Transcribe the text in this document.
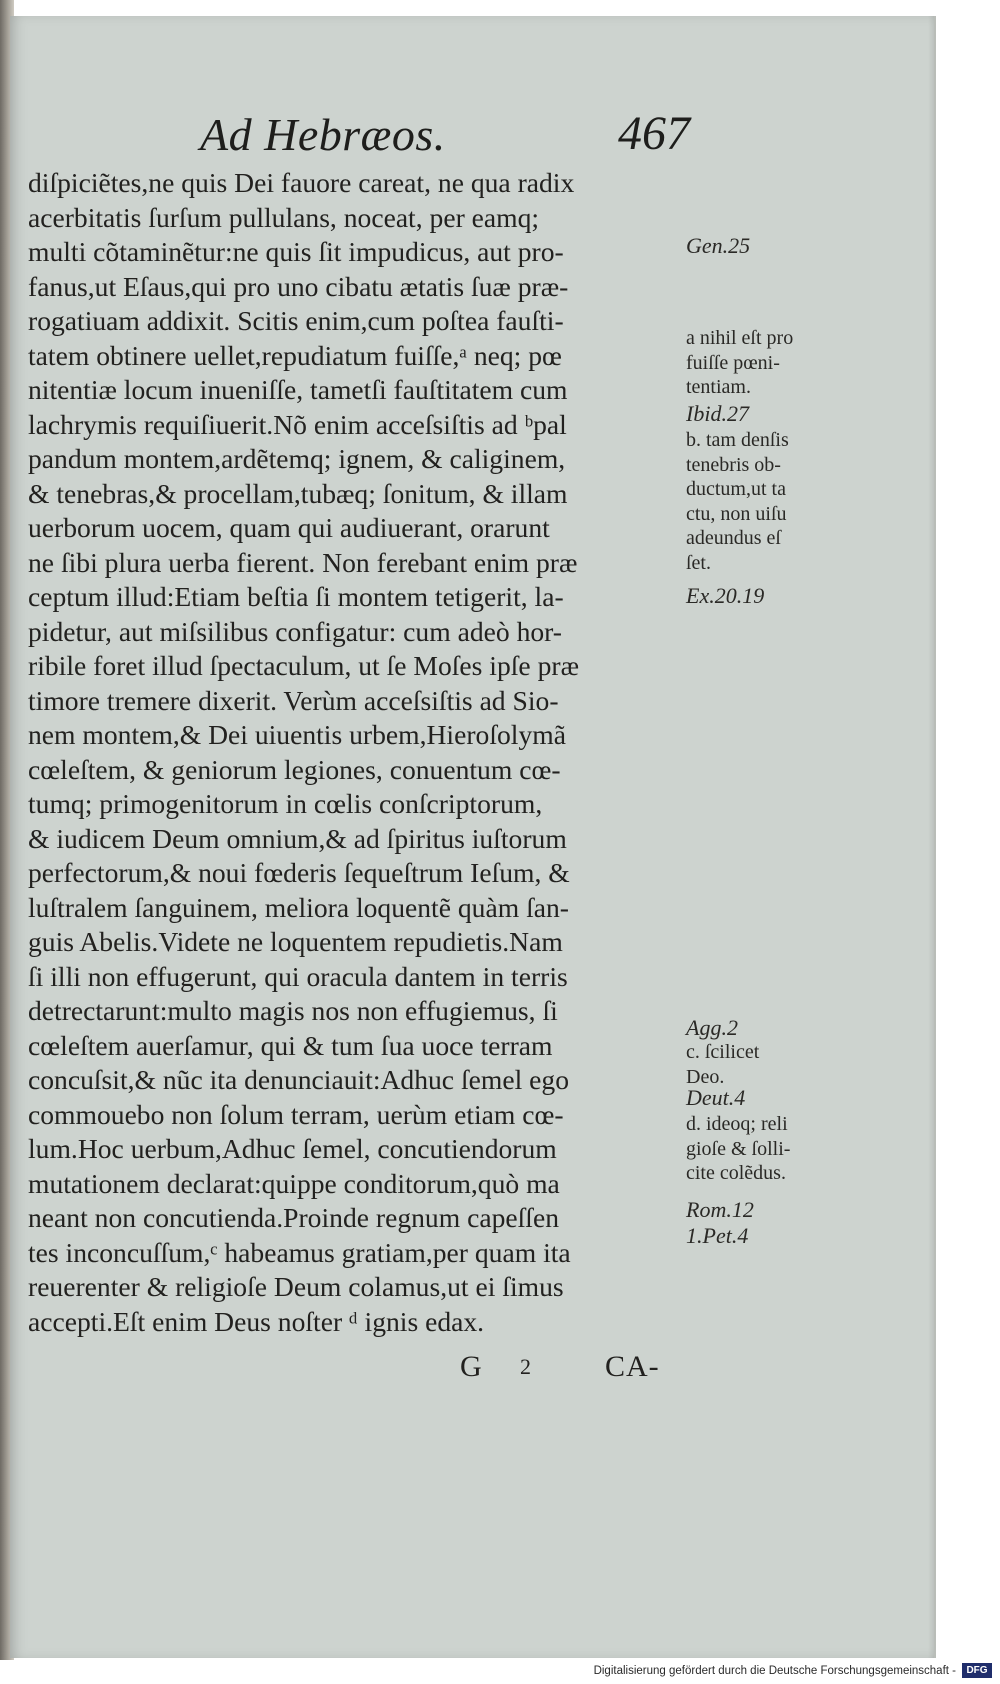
Ad Hebræos.	467
diſpiciẽtes,ne quis Dei fauore careat, ne qua radix
acerbitatis ſurſum pullulans, noceat, per eamq;
multi cõtaminẽtur:ne quis ſit impudicus, aut pro-
fanus,ut Eſaus,qui pro uno cibatu ætatis ſuæ præ-
rogatiuam addixit. Scitis enim,cum poſtea fauſti-
tatem obtinere uellet,repudiatum fuiſſe,ᵃ neq; pœ
nitentiæ locum inueniſſe, tametſi fauſtitatem cum
lachrymis requiſiuerit.Nõ enim acceſsiſtis ad ᵇpal
pandum montem,ardẽtemq; ignem, & caliginem,
& tenebras,& procellam,tubæq; ſonitum, & illam
uerborum uocem, quam qui audiuerant, orarunt
ne ſibi plura uerba fierent. Non ferebant enim præ
ceptum illud:Etiam beſtia ſi montem tetigerit, la-
pidetur, aut miſsilibus configatur: cum adeò hor-
ribile foret illud ſpectaculum, ut ſe Moſes ipſe præ
timore tremere dixerit. Verùm acceſsiſtis ad Sio-
nem montem,& Dei uiuentis urbem,Hieroſolymã
cœleſtem, & geniorum legiones, conuentum cœ-
tumq; primogenitorum in cœlis conſcriptorum,
& iudicem Deum omnium,& ad ſpiritus iuſtorum
perfectorum,& noui fœderis ſequeſtrum Ieſum, &
luſtralem ſanguinem, meliora loquentẽ quàm ſan-
guis Abelis.Videte ne loquentem repudietis.Nam
ſi illi non effugerunt, qui oracula dantem in terris
detrectarunt:multo magis nos non effugiemus, ſi
cœleſtem auerſamur, qui & tum ſua uoce terram
concuſsit,& nũc ita denunciauit:Adhuc ſemel ego
commouebo non ſolum terram, uerùm etiam cœ-
lum.Hoc uerbum,Adhuc ſemel, concutiendorum
mutationem declarat:quippe conditorum,quò ma
neant non concutienda.Proinde regnum capeſſen
tes inconcuſſum,ᶜ habeamus gratiam,per quam ita
reuerenter & religioſe Deum colamus,ut ei ſimus
accepti.Eſt enim Deus noſter ᵈ ignis edax.
Gen.25
a nihil eſt pro
fuiſſe pœni-
tentiam.
Ibid.27
b. tam denſis
tenebris ob-
ductum,ut ta
ctu, non uiſu
adeundus eſ
ſet.
Ex.20.19
Agg.2
c. ſcilicet
Deo.
Deut.4
d. ideoq; reli
gioſe & ſolli-
cite colẽdus.
Rom.12
1.Pet.4
G 2 CA-
Digitalisierung gefördert durch die Deutsche Forschungsgemeinschaft -	DFG
